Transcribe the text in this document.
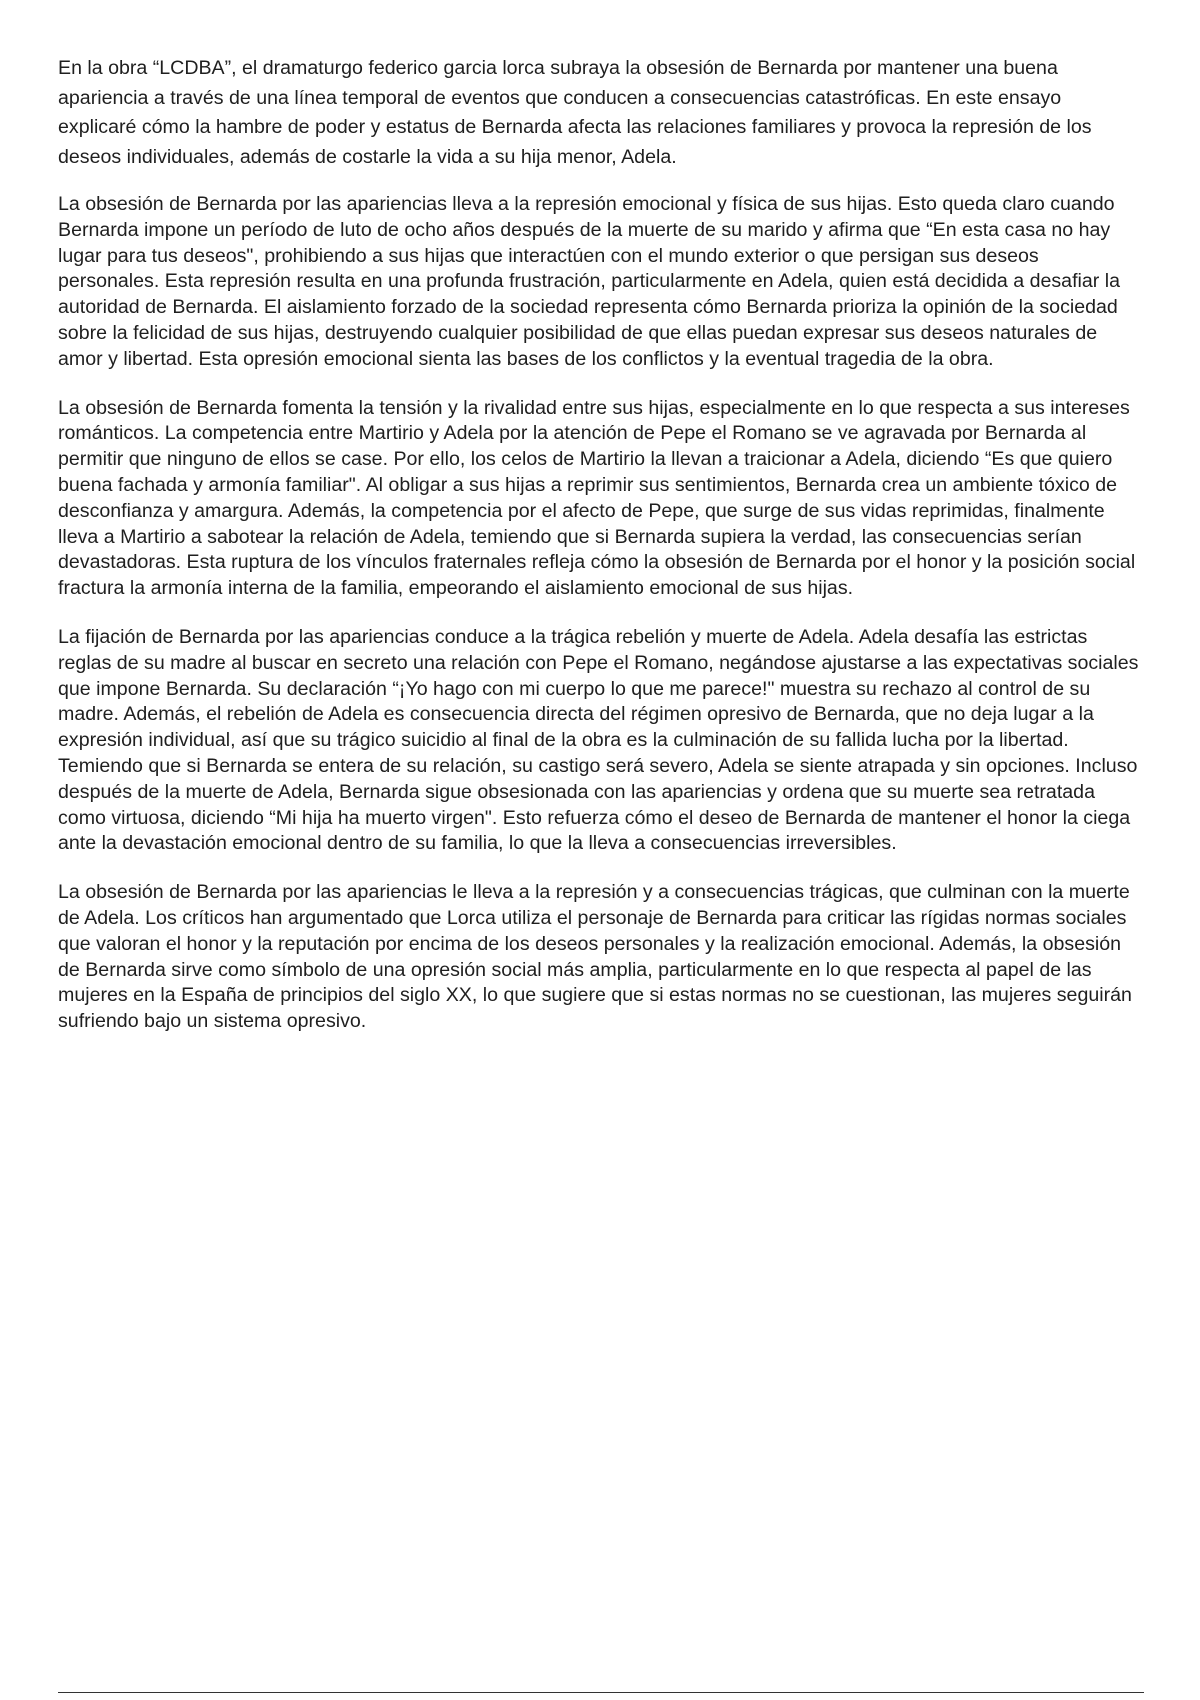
En la obra “LCDBA”, el dramaturgo federico garcia lorca subraya la obsesión de Bernarda por mantener una buena apariencia a través de una línea temporal de eventos que conducen a consecuencias catastróficas. En este ensayo explicaré cómo la hambre de poder y estatus de Bernarda afecta las relaciones familiares y provoca la represión de los deseos individuales, además de costarle la vida a su hija menor, Adela.

La obsesión de Bernarda por las apariencias lleva a la represión emocional y física de sus hijas. Esto queda claro cuando Bernarda impone un período de luto de ocho años después de la muerte de su marido y afirma que “En esta casa no hay lugar para tus deseos", prohibiendo a sus hijas que interactúen con el mundo exterior o que persigan sus deseos personales. Esta represión resulta en una profunda frustración, particularmente en Adela, quien está decidida a desafiar la autoridad de Bernarda. El aislamiento forzado de la sociedad representa cómo Bernarda prioriza la opinión de la sociedad sobre la felicidad de sus hijas, destruyendo cualquier posibilidad de que ellas puedan expresar sus deseos naturales de amor y libertad. Esta opresión emocional sienta las bases de los conflictos y la eventual tragedia de la obra.

La obsesión de Bernarda fomenta la tensión y la rivalidad entre sus hijas, especialmente en lo que respecta a sus intereses románticos. La competencia entre Martirio y Adela por la atención de Pepe el Romano se ve agravada por Bernarda al permitir que ninguno de ellos se case. Por ello, los celos de Martirio la llevan a traicionar a Adela, diciendo “Es que quiero buena fachada y armonía familiar". Al obligar a sus hijas a reprimir sus sentimientos, Bernarda crea un ambiente tóxico de desconfianza y amargura. Además, la competencia por el afecto de Pepe, que surge de sus vidas reprimidas, finalmente lleva a Martirio a sabotear la relación de Adela, temiendo que si Bernarda supiera la verdad, las consecuencias serían devastadoras. Esta ruptura de los vínculos fraternales refleja cómo la obsesión de Bernarda por el honor y la posición social fractura la armonía interna de la familia, empeorando el aislamiento emocional de sus hijas.

La fijación de Bernarda por las apariencias conduce a la trágica rebelión y muerte de Adela. Adela desafía las estrictas reglas de su madre al buscar en secreto una relación con Pepe el Romano, negándose ajustarse a las expectativas sociales que impone Bernarda. Su declaración “¡Yo hago con mi cuerpo lo que me parece!" muestra su rechazo al control de su madre. Además, el rebelión de Adela es consecuencia directa del régimen opresivo de Bernarda, que no deja lugar a la expresión individual, así que su trágico suicidio al final de la obra es la culminación de su fallida lucha por la libertad. Temiendo que si Bernarda se entera de su relación, su castigo será severo, Adela se siente atrapada y sin opciones. Incluso después de la muerte de Adela, Bernarda sigue obsesionada con las apariencias y ordena que su muerte sea retratada como virtuosa, diciendo “Mi hija ha muerto virgen". Esto refuerza cómo el deseo de Bernarda de mantener el honor la ciega ante la devastación emocional dentro de su familia, lo que la lleva a consecuencias irreversibles.

La obsesión de Bernarda por las apariencias le lleva a la represión y a consecuencias trágicas, que culminan con la muerte de Adela. Los críticos han argumentado que Lorca utiliza el personaje de Bernarda para criticar las rígidas normas sociales que valoran el honor y la reputación por encima de los deseos personales y la realización emocional. Además, la obsesión de Bernarda sirve como símbolo de una opresión social más amplia, particularmente en lo que respecta al papel de las mujeres en la España de principios del siglo XX, lo que sugiere que si estas normas no se cuestionan, las mujeres seguirán sufriendo bajo un sistema opresivo.
